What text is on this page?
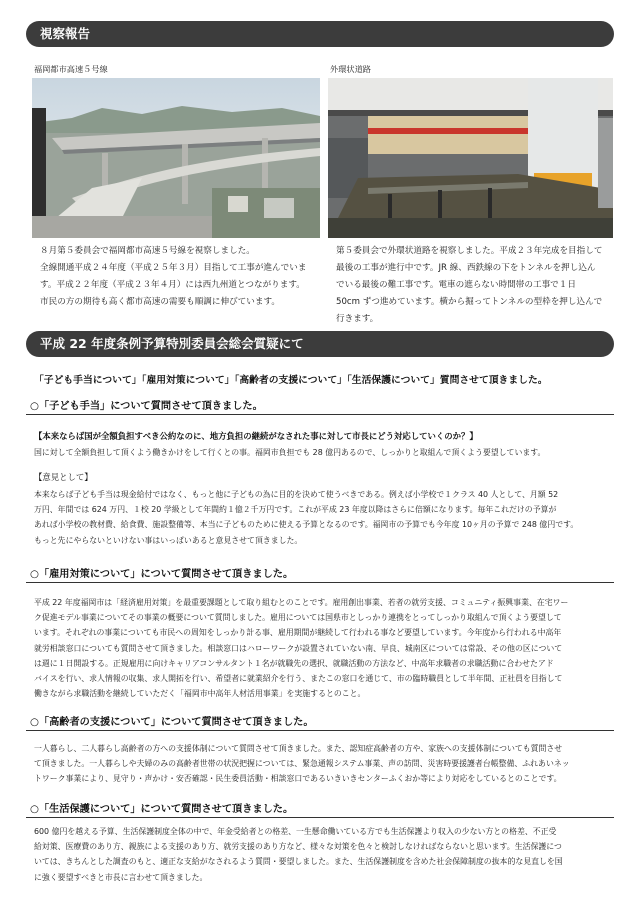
視察報告
福岡都市高速５号線	外環状道路
８月第５委員会で福岡都市高速５号線を視察しました。
全線開通平成２４年度（平成２５年３月）目指して工事が進んでいま
す。平成２２年度（平成２３年４月）には西九州道とつながります。
市民の方の期待も高く都市高速の需要も順調に伸びています。
第５委員会で外環状道路を視察しました。平成２３年完成を目指して
最後の工事が進行中です。JR 線、西鉄線の下をトンネルを押し込ん
でいる最後の難工事です。電車の遮らない時間帯の工事で１日
50cm ずつ進めています。横から掘ってトンネルの型枠を押し込んで
行きます。
平成 22 年度条例予算特別委員会総会質疑にて
「子ども手当について」「雇用対策について」「高齢者の支援について」「生活保護について」質問させて頂きました。
○「子ども手当」について質問させて頂きました。
【本来ならば国が全額負担すべき公約なのに、地方負担の継続がなされた事に対して市長にどう対応していくのか？】
国に対して全額負担して頂くよう働きかけをして行くとの事。福岡市負担でも 28 億円あるので、しっかりと取組んで頂くよう要望しています。
【意見として】
本来ならば子ども手当は現金給付ではなく、もっと他に子どもの為に目的を決めて使うべきである。例えば小学校で１クラス 40 人として、月額 52
万円、年間では 624 万円、１校 20 学級として年間約１億２千万円です。これが平成 23 年度以降はさらに倍額になります。毎年これだけの予算が
あれば小学校の教材費、給食費、施設整備等、本当に子どものために使える予算となるのです。福岡市の予算でも今年度 10ヶ月の予算で 248 億円です。
もっと先にやらないといけない事はいっぱいあると意見させて頂きました。
○「雇用対策について」について質問させて頂きました。
平成 22 年度福岡市は「経済雇用対策」を最重要課題として取り組むとのことです。雇用創出事業、若者の就労支援、コミュニティ振興事業、在宅ワー
ク促進モデル事業についてその事業の概要について質問しました。雇用については国県市としっかり連携をとってしっかり取組んで頂くよう要望して
います。それぞれの事業についても市民への周知をしっかり計る事、雇用期間が継続して行われる事など要望しています。今年度から行われる中高年
就労相談窓口についても質問させて頂きました。相談窓口はハローワークが設置されていない南、早良、城南区については常設、その他の区について
は週に１日開設する。正規雇用に向けキャリアコンサルタント１名が就職先の選択、就職活動の方法など、中高年求職者の求職活動に合わせたアド
バイスを行い、求人情報の収集、求人開拓を行い、希望者に就業紹介を行う、またこの窓口を通じて、市の臨時職員として半年間、正社員を目指して
働きながら求職活動を継続していただく「福岡市中高年人材活用事業」を実施するとのこと。
○「高齢者の支援について」について質問させて頂きました。
一人暮らし、二人暮らし高齢者の方への支援体制について質問させて頂きました。また、認知症高齢者の方や、家族への支援体制についても質問させ
て頂きました。一人暮らしや夫婦のみの高齢者世帯の状況把握については、緊急通報システム事業、声の訪問、災害時要援護者台帳整備、ふれあいネッ
トワーク事業により、見守り・声かけ・安否確認・民生委員活動・相談窓口であるいきいきセンターふくおか等により対応をしているとのことです。
○「生活保護について」について質問させて頂きました。
600 億円を越える予算、生活保護制度全体の中で、年金受給者との格差、一生懸命働いている方でも生活保護より収入の少ない方との格差、不正受
給対策、医療費のあり方、親族による支援のあり方、就労支援のあり方など、様々な対策を色々と検討しなければならないと思います。生活保護につ
いては、きちんとした調査のもと、適正な支給がなされるよう質問・要望しました。また、生活保護制度を含めた社会保障制度の抜本的な見直しを国
に強く要望すべきと市長に言わせて頂きました。
